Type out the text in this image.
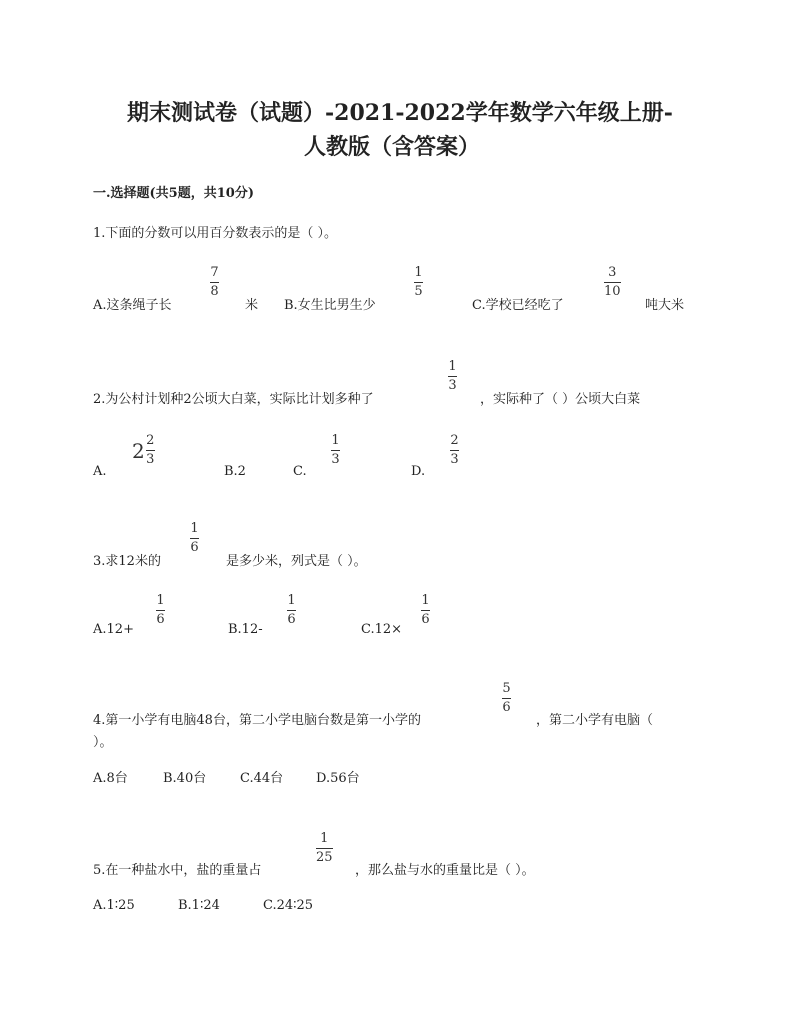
期末测试卷（试题）-2021-2022学年数学六年级上册-
人教版（含答案）
一.选择题(共5题，共10分)
1.下面的分数可以用百分数表示的是（ ）。
A.这条绳子长
7
8
米 B.女生比男生少
1
5
C.学校已经吃了
3
10
吨大米
2.为公村计划种2公顷大白菜，实际比计划多种了
1
3
，实际种了（ ）公顷大白菜
A.
$2 \frac{2}{3}$
B.2	C.
1
3
D.
2
3
3.求12米的
1
6
是多少米，列式是（ ）。
A.12+
1
6
B.12-
1
6
C.12×
1
6
4.第一小学有电脑48台，第二小学电脑台数是第一小学的
5
6
，第二小学有电脑（
）。
A.8台	B.40台	C.44台	D.56台
5.在一种盐水中，盐的重量占
1
25
，那么盐与水的重量比是（ ）。
A.1∶25	B.1∶24	C.24∶25
